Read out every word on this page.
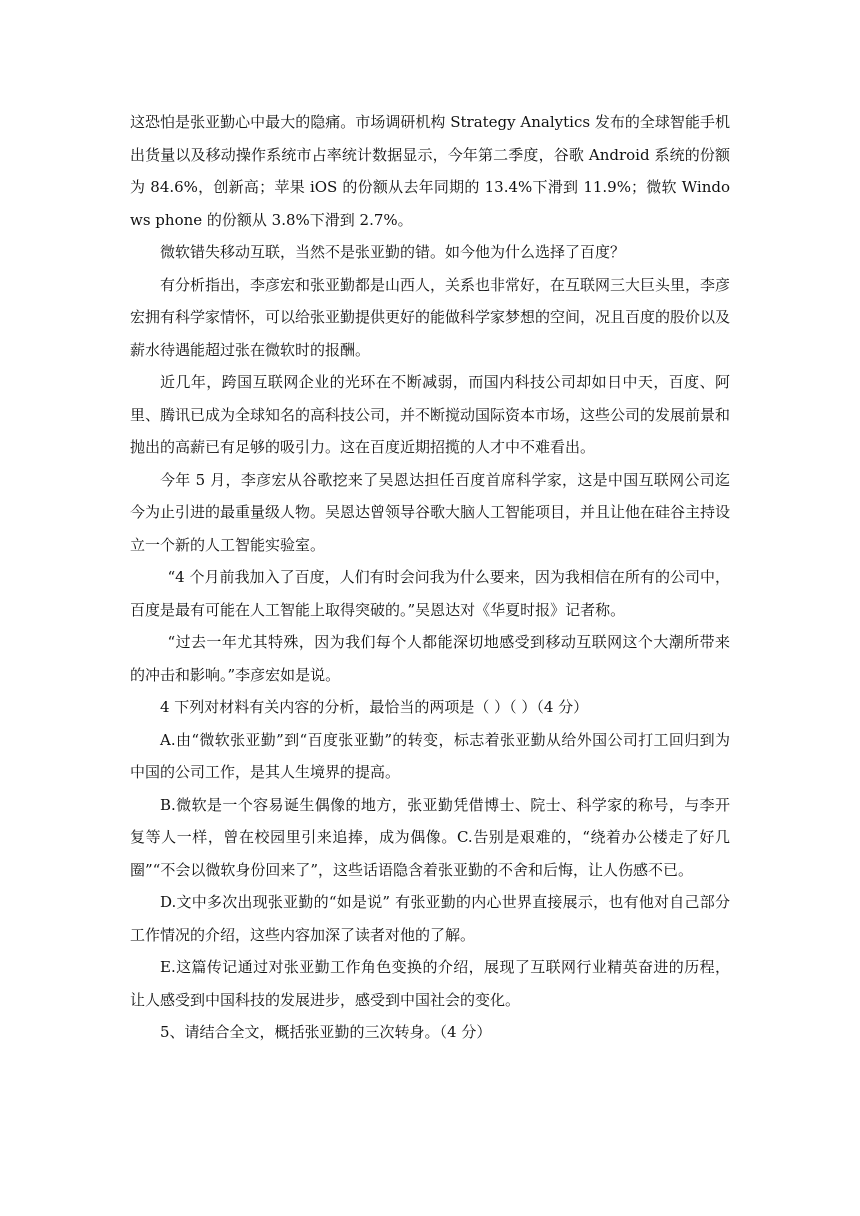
这恐怕是张亚勤心中最大的隐痛。市场调研机构 Strategy Analytics 发布的全球智能手机出货量以及移动操作系统市占率统计数据显示，今年第二季度，谷歌 Android 系统的份额为 84.6%，创新高；苹果 iOS 的份额从去年同期的 13.4%下滑到 11.9%；微软 Windows phone 的份额从 3.8%下滑到 2.7%。

微软错失移动互联，当然不是张亚勤的错。如今他为什么选择了百度？

有分析指出，李彦宏和张亚勤都是山西人，关系也非常好，在互联网三大巨头里，李彦宏拥有科学家情怀，可以给张亚勤提供更好的能做科学家梦想的空间，况且百度的股价以及薪水待遇能超过张在微软时的报酬。

近几年，跨国互联网企业的光环在不断减弱，而国内科技公司却如日中天，百度、阿里、腾讯已成为全球知名的高科技公司，并不断搅动国际资本市场，这些公司的发展前景和抛出的高薪已有足够的吸引力。这在百度近期招揽的人才中不难看出。

今年 5 月，李彦宏从谷歌挖来了吴恩达担任百度首席科学家，这是中国互联网公司迄今为止引进的最重量级人物。吴恩达曾领导谷歌大脑人工智能项目，并且让他在硅谷主持设立一个新的人工智能实验室。

“4 个月前我加入了百度，人们有时会问我为什么要来，因为我相信在所有的公司中，百度是最有可能在人工智能上取得突破的。”吴恩达对《华夏时报》记者称。

“过去一年尤其特殊，因为我们每个人都能深切地感受到移动互联网这个大潮所带来的冲击和影响。”李彦宏如是说。

4 下列对材料有关内容的分析，最恰当的两项是（ ）（ ）（4 分）

A.由“微软张亚勤”到“百度张亚勤”的转变，标志着张亚勤从给外国公司打工回归到为中国的公司工作，是其人生境界的提高。

B.微软是一个容易诞生偶像的地方，张亚勤凭借博士、院士、科学家的称号，与李开复等人一样，曾在校园里引来追捧，成为偶像。C.告别是艰难的，“绕着办公楼走了好几圈”“不会以微软身份回来了”，这些话语隐含着张亚勤的不舍和后悔，让人伤感不已。

D.文中多次出现张亚勤的“如是说” 有张亚勤的内心世界直接展示，也有他对自己部分工作情况的介绍，这些内容加深了读者对他的了解。

E.这篇传记通过对张亚勤工作角色变换的介绍，展现了互联网行业精英奋进的历程，让人感受到中国科技的发展进步，感受到中国社会的变化。

5、请结合全文，概括张亚勤的三次转身。（4 分）
